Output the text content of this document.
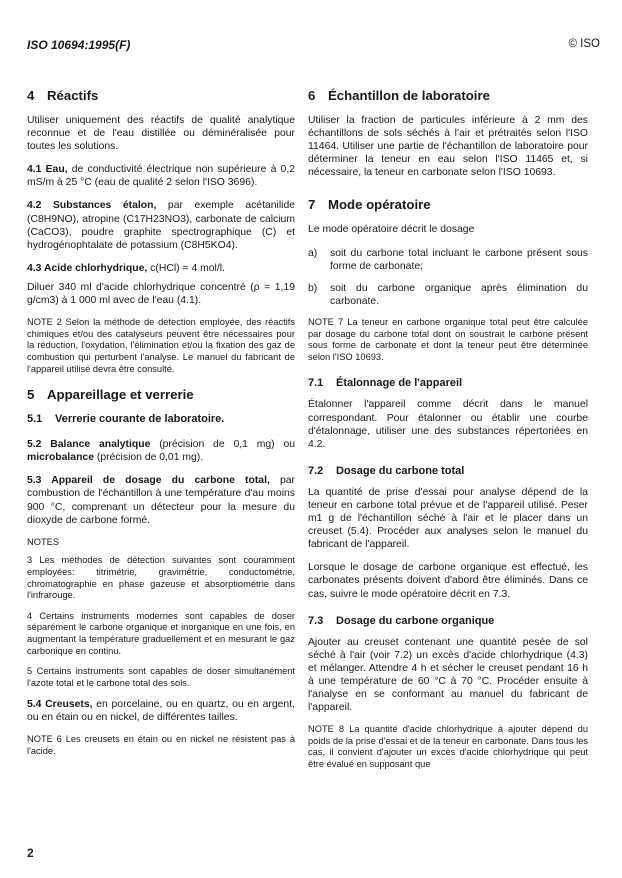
ISO 10694:1995(F)	© ISO
4 Réactifs

Utiliser uniquement des réactifs de qualité analytique reconnue et de l'eau distillée ou déminéralisée pour toutes les solutions.

4.1 Eau, de conductivité électrique non supérieure à 0,2 mS/m à 25 °C (eau de qualité 2 selon l'ISO 3696).

4.2 Substances étalon, par exemple acétanilide (C8H9NO), atropine (C17H23NO3), carbonate de calcium (CaCO3), poudre graphite spectrographique (C) et hydrogénophtalate de potassium (C8H5KO4).

4.3 Acide chlorhydrique, c(HCl) = 4 mol/l.

Diluer 340 ml d'acide chlorhydrique concentré (ρ = 1,19 g/cm3) à 1 000 ml avec de l'eau (4.1).

NOTE 2 Selon la méthode de détection employée, des réactifs chimiques et/ou des catalyseurs peuvent être nécessaires pour la réduction, l'oxydation, l'élimination et/ou la fixation des gaz de combustion qui perturbent l'analyse. Le manuel du fabricant de l'appareil utilisé devra être consulté.

5 Appareillage et verrerie
5.1 Verrerie courante de laboratoire.

5.2 Balance analytique (précision de 0,1 mg) ou microbalance (précision de 0,01 mg).

5.3 Appareil de dosage du carbone total, par combustion de l'échantillon à une température d'au moins 900 °C, comprenant un détecteur pour la mesure du dioxyde de carbone formé.

NOTES

3 Les méthodes de détection suivantes sont couramment employées: titrimétrie, gravimétrie, conductométrie, chromatographie en phase gazeuse et absorptiométrie dans l'infrarouge.

4 Certains instruments modernes sont capables de doser séparément le carbone organique et inorganique en une fois, en augmentant la température graduellement et en mesurant le gaz carbonique en continu.

5 Certains instruments sont capables de doser simultanément l'azote total et le carbone total des sols.

5.4 Creusets, en porcelaine, ou en quartz, ou en argent, ou en étain ou en nickel, de différentes tailles.

NOTE 6 Les creusets en étain ou en nickel ne résistent pas à l'acide.

6 Échantillon de laboratoire

Utiliser la fraction de particules inférieure à 2 mm des échantillons de sols séchés à l'air et prétraités selon l'ISO 11464. Utiliser une partie de l'échantillon de laboratoire pour déterminer la teneur en eau selon l'ISO 11465 et, si nécessaire, la teneur en carbonate selon l'ISO 10693.

7 Mode opératoire

Le mode opératoire décrit le dosage

a)	soit du carbone total incluant le carbone présent sous forme de carbonate;
b)	soit du carbone organique après élimination du carbonate.

NOTE 7 La teneur en carbone organique total peut être calculée par dosage du carbone total dont on soustrait le carbone présent sous forme de carbonate et dont la teneur peut être déterminée selon l'ISO 10693.

7.1 Étalonnage de l'appareil

Étalonner l'appareil comme décrit dans le manuel correspondant. Pour étalonner ou établir une courbe d'étalonnage, utiliser une des substances répertoriées en 4.2.

7.2 Dosage du carbone total

La quantité de prise d'essai pour analyse dépend de la teneur en carbone total prévue et de l'appareil utilisé. Peser m1 g de l'échantillon séché à l'air et le placer dans un creuset (5.4). Procéder aux analyses selon le manuel du fabricant de l'appareil.

Lorsque le dosage de carbone organique est effectué, les carbonates présents doivent d'abord être éliminés. Dans ce cas, suivre le mode opératoire décrit en 7.3.

7.3 Dosage du carbone organique

Ajouter au creuset contenant une quantité pesée de sol séché à l'air (voir 7.2) un excès d'acide chlorhydrique (4.3) et mélanger. Attendre 4 h et sécher le creuset pendant 16 h à une température de 60 °C à 70 °C. Procéder ensuite à l'analyse en se conformant au manuel du fabricant de l'appareil.

NOTE 8 La quantité d'acide chlorhydrique à ajouter dépend du poids de la prise d'essai et de la teneur en carbonate. Dans tous les cas, il convient d'ajouter un excès d'acide chlorhydrique qui peut être évalué en supposant que

2
